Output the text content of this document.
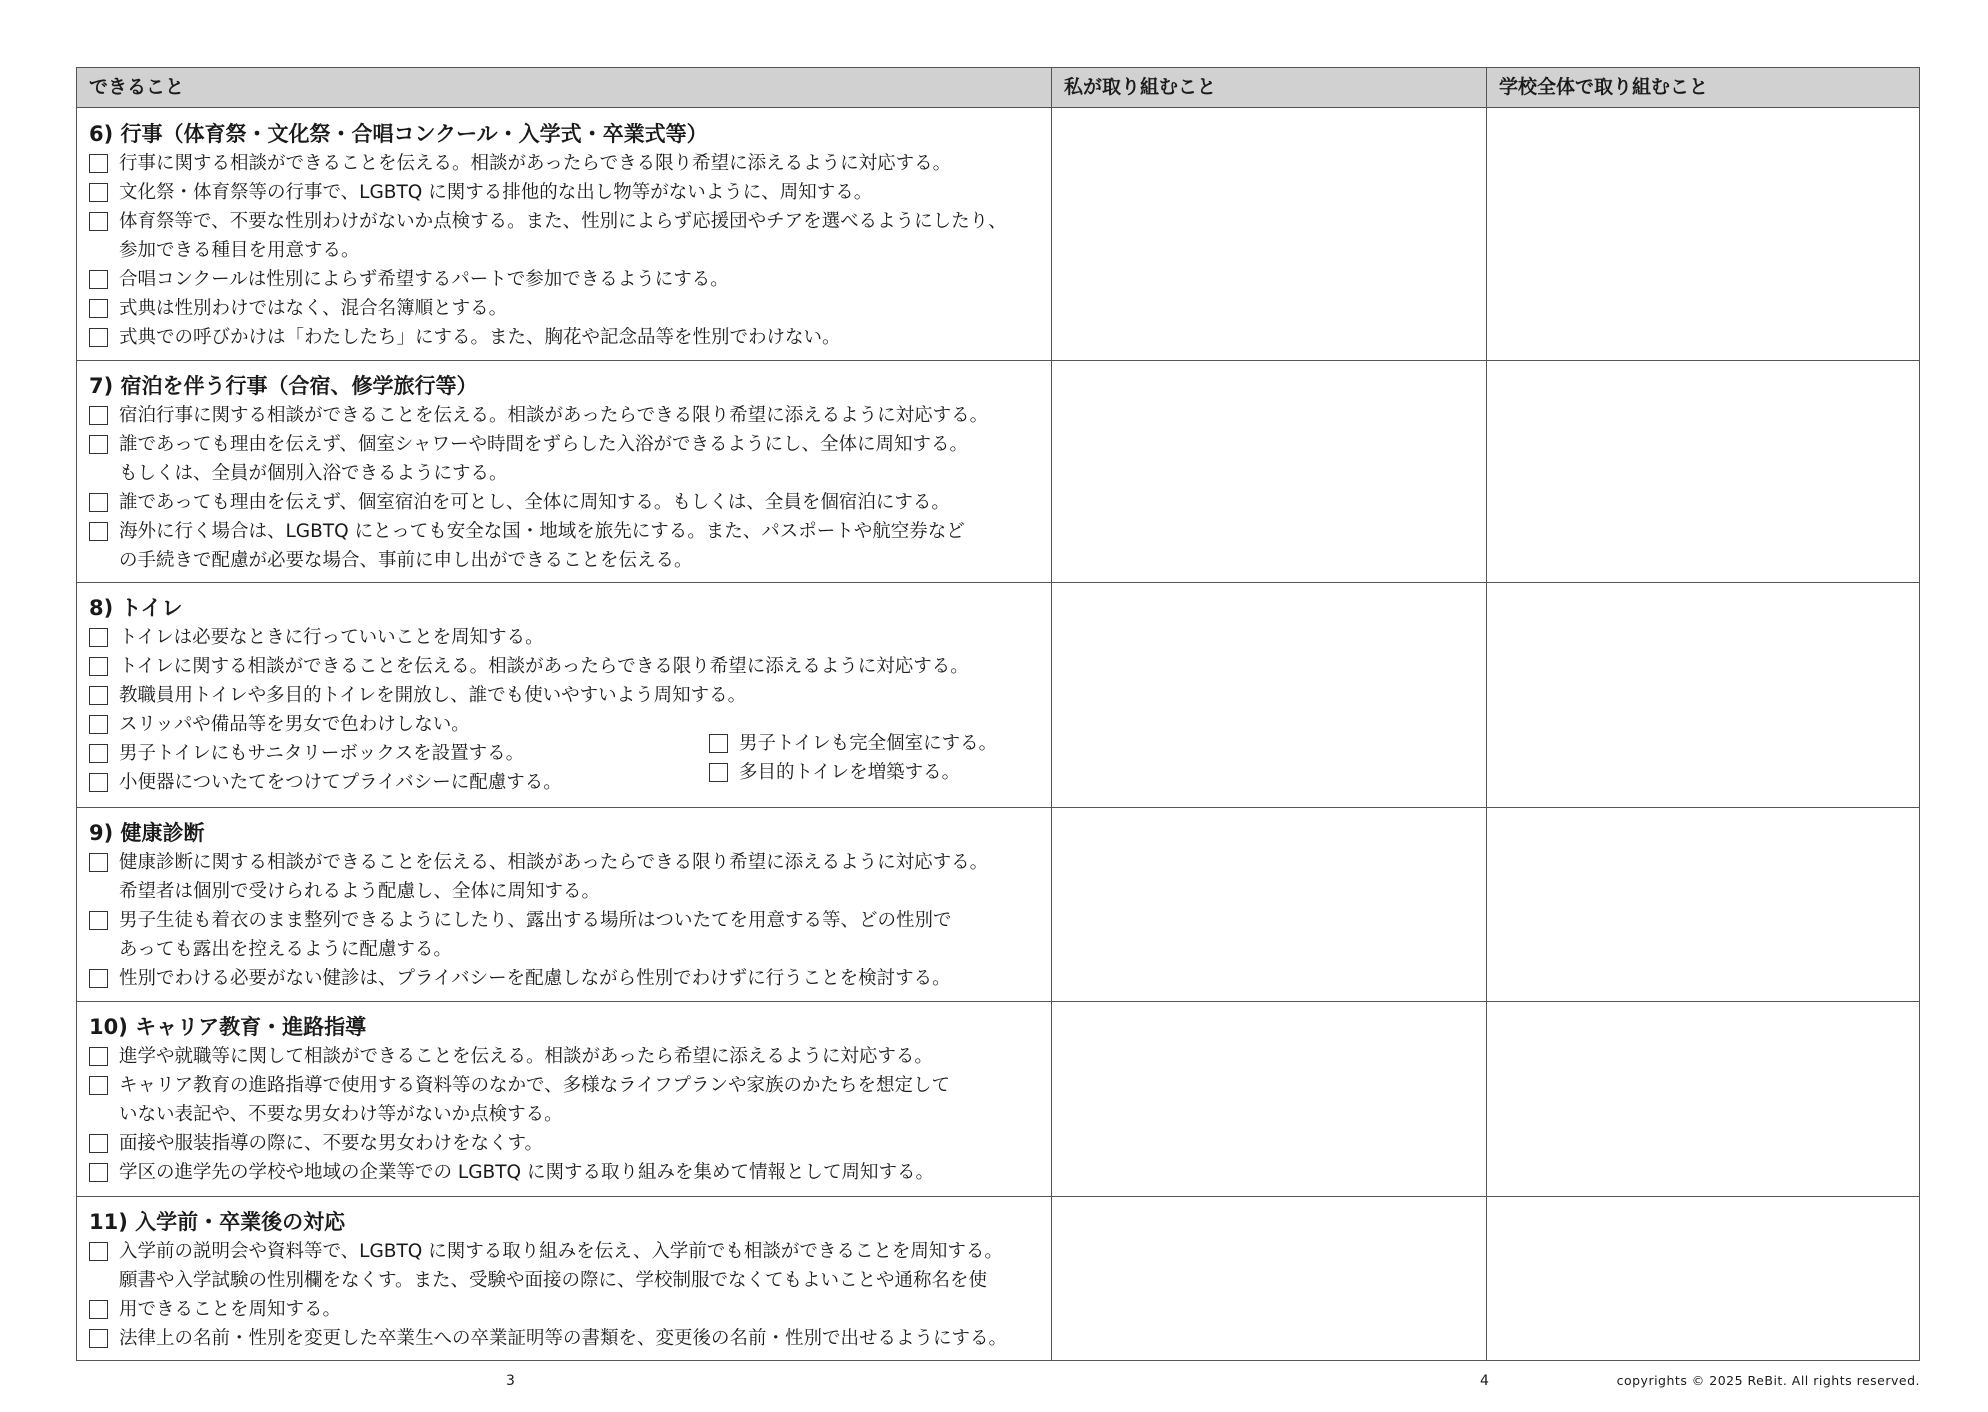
できること	私が取り組むこと	学校全体で取り組むこと
6) 行事（体育祭・文化祭・合唱コンクール・入学式・卒業式等）
行事に関する相談ができることを伝える。相談があったらできる限り希望に添えるように対応する。
文化祭・体育祭等の行事で、LGBTQ に関する排他的な出し物等がないように、周知する。
体育祭等で、不要な性別わけがないか点検する。また、性別によらず応援団やチアを選べるようにしたり、
参加できる種目を用意する。
合唱コンクールは性別によらず希望するパートで参加できるようにする。
式典は性別わけではなく、混合名簿順とする。
式典での呼びかけは「わたしたち」にする。また、胸花や記念品等を性別でわけない。
7) 宿泊を伴う行事（合宿、修学旅行等）
宿泊行事に関する相談ができることを伝える。相談があったらできる限り希望に添えるように対応する。
誰であっても理由を伝えず、個室シャワーや時間をずらした入浴ができるようにし、全体に周知する。
もしくは、全員が個別入浴できるようにする。
誰であっても理由を伝えず、個室宿泊を可とし、全体に周知する。もしくは、全員を個宿泊にする。
海外に行く場合は、LGBTQ にとっても安全な国・地域を旅先にする。また、パスポートや航空券など
の手続きで配慮が必要な場合、事前に申し出ができることを伝える。
8) トイレ
トイレは必要なときに行っていいことを周知する。
トイレに関する相談ができることを伝える。相談があったらできる限り希望に添えるように対応する。
教職員用トイレや多目的トイレを開放し、誰でも使いやすいよう周知する。
スリッパや備品等を男女で色わけしない。
男子トイレにもサニタリーボックスを設置する。
小便器についたてをつけてプライバシーに配慮する。
男子トイレも完全個室にする。
多目的トイレを増築する。
9) 健康診断
健康診断に関する相談ができることを伝える、相談があったらできる限り希望に添えるように対応する。
希望者は個別で受けられるよう配慮し、全体に周知する。
男子生徒も着衣のまま整列できるようにしたり、露出する場所はついたてを用意する等、どの性別で
あっても露出を控えるように配慮する。
性別でわける必要がない健診は、プライバシーを配慮しながら性別でわけずに行うことを検討する。
10) キャリア教育・進路指導
進学や就職等に関して相談ができることを伝える。相談があったら希望に添えるように対応する。
キャリア教育の進路指導で使用する資料等のなかで、多様なライフプランや家族のかたちを想定して
いない表記や、不要な男女わけ等がないか点検する。
面接や服装指導の際に、不要な男女わけをなくす。
学区の進学先の学校や地域の企業等での LGBTQ に関する取り組みを集めて情報として周知する。
11) 入学前・卒業後の対応
入学前の説明会や資料等で、LGBTQ に関する取り組みを伝え、入学前でも相談ができることを周知する。
願書や入学試験の性別欄をなくす。また、受験や面接の際に、学校制服でなくてもよいことや通称名を使
用できることを周知する。
法律上の名前・性別を変更した卒業生への卒業証明等の書類を、変更後の名前・性別で出せるようにする。
3	4	copyrights © 2025 ReBit. All rights reserved.
